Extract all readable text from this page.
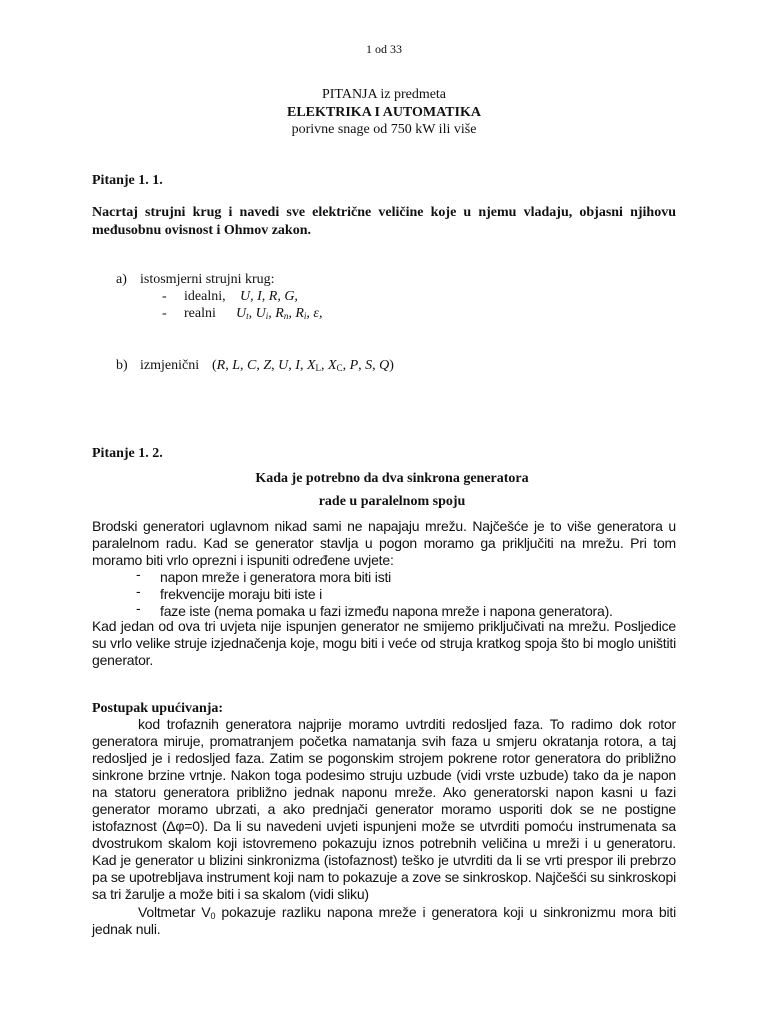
1 od 33
PITANJA iz predmeta
ELEKTRIKA I AUTOMATIKA
porivne snage od 750 kW ili više
Pitanje 1. 1.
Nacrtaj strujni krug i navedi sve električne veličine koje u njemu vladaju, objasni njihovu međusobnu ovisnost i Ohmov zakon.
a) istosmjerni strujni krug:
- idealni, U, I, R, G,
- realni $U_t$, $U_i$, $R_n$, $R_i$, ε,
b) izmjenični (R, L, C, Z, U, I, $X_L$, $X_C$, P, S, Q)
Pitanje 1. 2.
Kada je potrebno da dva sinkrona generatora
rade u paralelnom spoju
Brodski generatori uglavnom nikad sami ne napajaju mrežu. Najčešće je to više generatora u paralelnom radu. Kad se generator stavlja u pogon moramo ga priključiti na mrežu. Pri tom moramo biti vrlo oprezni i ispuniti određene uvjete:
- napon mreže i generatora mora biti isti
- frekvencije moraju biti iste i
- faze iste (nema pomaka u fazi između napona mreže i napona generatora).
Kad jedan od ova tri uvjeta nije ispunjen generator ne smijemo priključivati na mrežu. Posljedice su vrlo velike struje izjednačenja koje, mogu biti i veće od struja kratkog spoja što bi moglo uništiti generator.
Postupak upućivanja:
kod trofaznih generatora najprije moramo uvtrditi redosljed faza. To radimo dok rotor generatora miruje, promatranjem početka namatanja svih faza u smjeru okratanja rotora, a taj redosljed je i redosljed faza. Zatim se pogonskim strojem pokrene rotor generatora do približno sinkrone brzine vrtnje. Nakon toga podesimo struju uzbude (vidi vrste uzbude) tako da je napon na statoru generatora približno jednak naponu mreže. Ako generatorski napon kasni u fazi generator moramo ubrzati, a ako prednjači generator moramo usporiti dok se ne postigne istofaznost (Δφ=0). Da li su navedeni uvjeti ispunjeni može se utvrditi pomoću instrumenata sa dvostrukom skalom koji istovremeno pokazuju iznos potrebnih veličina u mreži i u generatoru. Kad je generator u blizini sinkronizma (istofaznost) teško je utvrditi da li se vrti prespor ili prebrzo pa se upotrebljava instrument koji nam to pokazuje a zove se sinkroskop. Najčešći su sinkroskopi sa tri žarulje a može biti i sa skalom (vidi sliku)
Voltmetar $V_0$ pokazuje razliku napona mreže i generatora koji u sinkronizmu mora biti jednak nuli.
